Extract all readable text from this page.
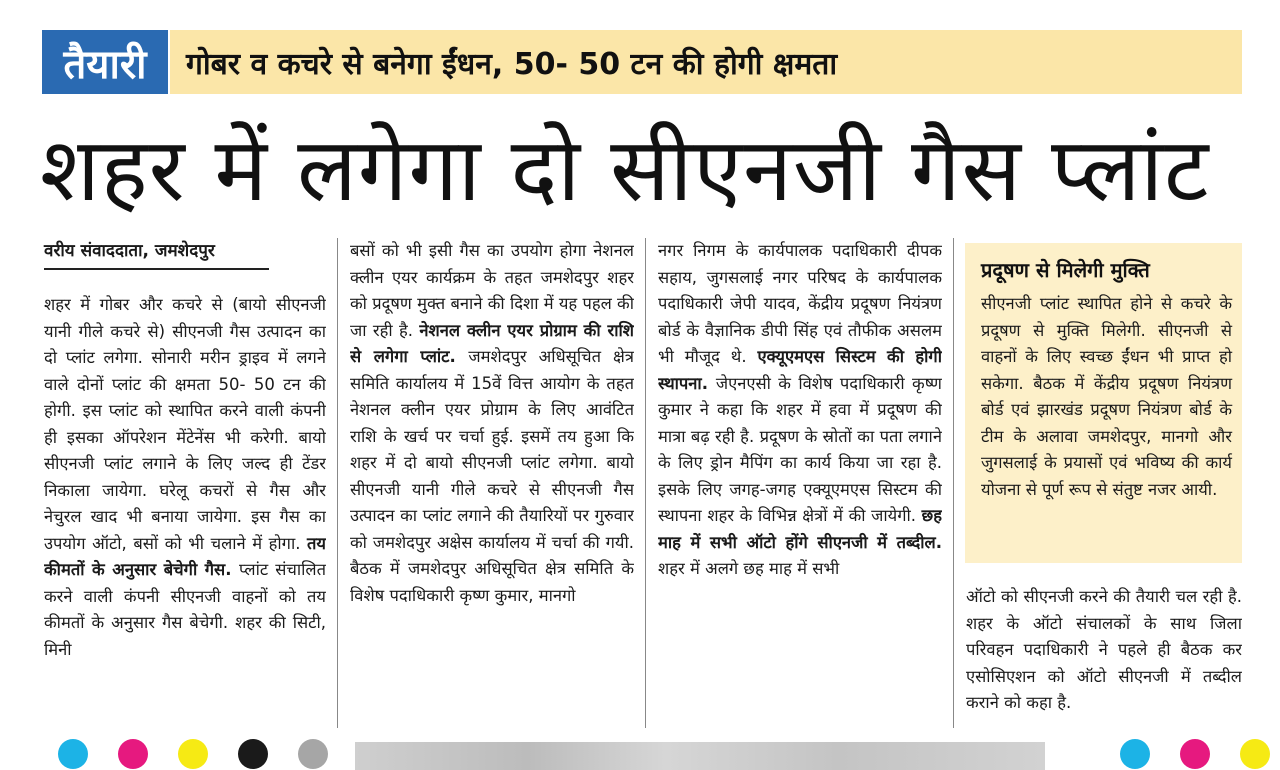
तैयारी	गोबर व कचरे से बनेगा ईंधन, 50- 50 टन की होगी क्षमता
शहर में लगेगा दो सीएनजी गैस प्लांट
वरीय संवाददाता, जमशेदपुर
शहर में गोबर और कचरे से (बायो सीएनजी यानी गीले कचरे से) सीएनजी गैस उत्पादन का दो प्लांट लगेगा. सोनारी मरीन ड्राइव में लगने वाले दोनों प्लांट की क्षमता 50- 50 टन की होगी. इस प्लांट को स्थापित करने वाली कंपनी ही इसका ऑपरेशन मेंटेनेंस भी करेगी. बायो सीएनजी प्लांट लगाने के लिए जल्द ही टेंडर निकाला जायेगा. घरेलू कचरों से गैस और नेचुरल खाद भी बनाया जायेगा. इस गैस का उपयोग ऑटो, बसों को भी चलाने में होगा. तय कीमतों के अनुसार बेचेगी गैस. प्लांट संचालित करने वाली कंपनी सीएनजी वाहनों को तय कीमतों के अनुसार गैस बेचेगी. शहर की सिटी, मिनी
बसों को भी इसी गैस का उपयोग होगा नेशनल क्लीन एयर कार्यक्रम के तहत जमशेदपुर शहर को प्रदूषण मुक्त बनाने की दिशा में यह पहल की जा रही है. नेशनल क्लीन एयर प्रोग्राम की राशि से लगेगा प्लांट. जमशेदपुर अधिसूचित क्षेत्र समिति कार्यालय में 15वें वित्त आयोग के तहत नेशनल क्लीन एयर प्रोग्राम के लिए आवंटित राशि के खर्च पर चर्चा हुई. इसमें तय हुआ कि शहर में दो बायो सीएनजी प्लांट लगेगा. बायो सीएनजी यानी गीले कचरे से सीएनजी गैस उत्पादन का प्लांट लगाने की तैयारियों पर गुरुवार को जमशेदपुर अक्षेस कार्यालय में चर्चा की गयी. बैठक में जमशेदपुर अधिसूचित क्षेत्र समिति के विशेष पदाधिकारी कृष्ण कुमार, मानगो
नगर निगम के कार्यपालक पदाधिकारी दीपक सहाय, जुगसलाई नगर परिषद के कार्यपालक पदाधिकारी जेपी यादव, केंद्रीय प्रदूषण नियंत्रण बोर्ड के वैज्ञानिक डीपी सिंह एवं तौफीक असलम भी मौजूद थे. एक्यूएमएस सिस्टम की होगी स्थापना. जेएनएसी के विशेष पदाधिकारी कृष्ण कुमार ने कहा कि शहर में हवा में प्रदूषण की मात्रा बढ़ रही है. प्रदूषण के स्रोतों का पता लगाने के लिए ड्रोन मैपिंग का कार्य किया जा रहा है. इसके लिए जगह-जगह एक्यूएमएस सिस्टम की स्थापना शहर के विभिन्न क्षेत्रों में की जायेगी. छह माह में सभी ऑटो होंगे सीएनजी में तब्दील. शहर में अलगे छह माह में सभी
प्रदूषण से मिलेगी मुक्ति
सीएनजी प्लांट स्थापित होने से कचरे के प्रदूषण से मुक्ति मिलेगी. सीएनजी से वाहनों के लिए स्वच्छ ईंधन भी प्राप्त हो सकेगा. बैठक में केंद्रीय प्रदूषण नियंत्रण बोर्ड एवं झारखंड प्रदूषण नियंत्रण बोर्ड के टीम के अलावा जमशेदपुर, मानगो और जुगसलाई के प्रयासों एवं भविष्य की कार्य योजना से पूर्ण रूप से संतुष्ट नजर आयी.
ऑटो को सीएनजी करने की तैयारी चल रही है. शहर के ऑटो संचालकों के साथ जिला परिवहन पदाधिकारी ने पहले ही बैठक कर एसोसिएशन को ऑटो सीएनजी में तब्दील कराने को कहा है.
